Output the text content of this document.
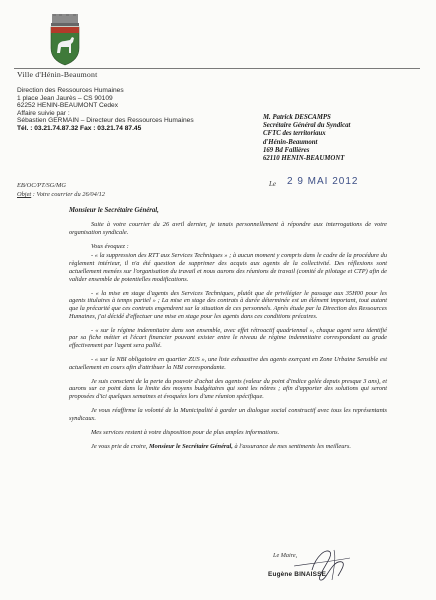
Ville d'Hénin-Beaumont
Direction des Ressources Humaines
1 place Jean Jaurès – CS 90109
62252 HENIN-BEAUMONT Cedex
Affaire suivie par :
Sébastien GERMAIN – Directeur des Ressources Humaines
Tél. : 03.21.74.87.32 Fax : 03.21.74 87.45
M. Patrick DESCAMPS
Secrétaire Général du Syndicat
CFTC des territoriaux
d'Hénin-Beaumont
169 Bd Fallières
62110 HENIN-BEAUMONT
EB/OC/PT/SG/MG
Objet : Votre courrier du 26/04/12
Le 2 9 MAI 2012
Monsieur le Secrétaire Général,

Suite à votre courrier du 26 avril dernier, je tenais personnellement à répondre aux interrogations de votre organisation syndicale.

Vous évoquez :

- « la suppression des RTT aux Services Techniques » ; à aucun moment y compris dans le cadre de la procédure du règlement intérieur, il n'a été question de supprimer des acquis aux agents de la collectivité. Des réflexions sont actuellement menées sur l'organisation du travail et nous aurons des réunions de travail (comité de pilotage et CTP) afin de valider ensemble de potentielles modifications.

- « la mise en stage d'agents des Services Techniques, plutôt que de privilégier le passage aux 35H00 pour les agents titulaires à temps partiel » ; La mise en stage des contrats à durée déterminée est un élément important, tout autant que la précarité que ces contrats engendrent sur la situation de ces personnels. Après étude par la Direction des Ressources Humaines, j'ai décidé d'effectuer une mise en stage pour les agents dans ces conditions précaires.

- « sur le régime indemnitaire dans son ensemble, avec effet rétroactif quadriennal », chaque agent sera identifié par sa fiche métier et l'écart financier pouvant exister entre le niveau de régime indemnitaire correspondant au grade effectivement par l'agent sera pallié.

- « sur la NBI obligatoire en quartier ZUS », une liste exhaustive des agents exerçant en Zone Urbaine Sensible est actuellement en cours afin d'attribuer la NBI correspondante.

Je suis conscient de la perte du pouvoir d'achat des agents (valeur du point d'indice gelée depuis presque 3 ans), et aurons sur ce point dans la limite des moyens budgétaires qui sont les nôtres ; afin d'apporter des solutions qui seront proposées d'ici quelques semaines et évoquées lors d'une réunion spécifique.

Je vous réaffirme la volonté de la Municipalité à garder un dialogue social constructif avec tous les représentants syndicaux.

Mes services restent à votre disposition pour de plus amples informations.

Je vous prie de croire, Monsieur le Secrétaire Général, à l'assurance de mes sentiments les meilleurs.

Le Maire,
Eugène BINAISSE
